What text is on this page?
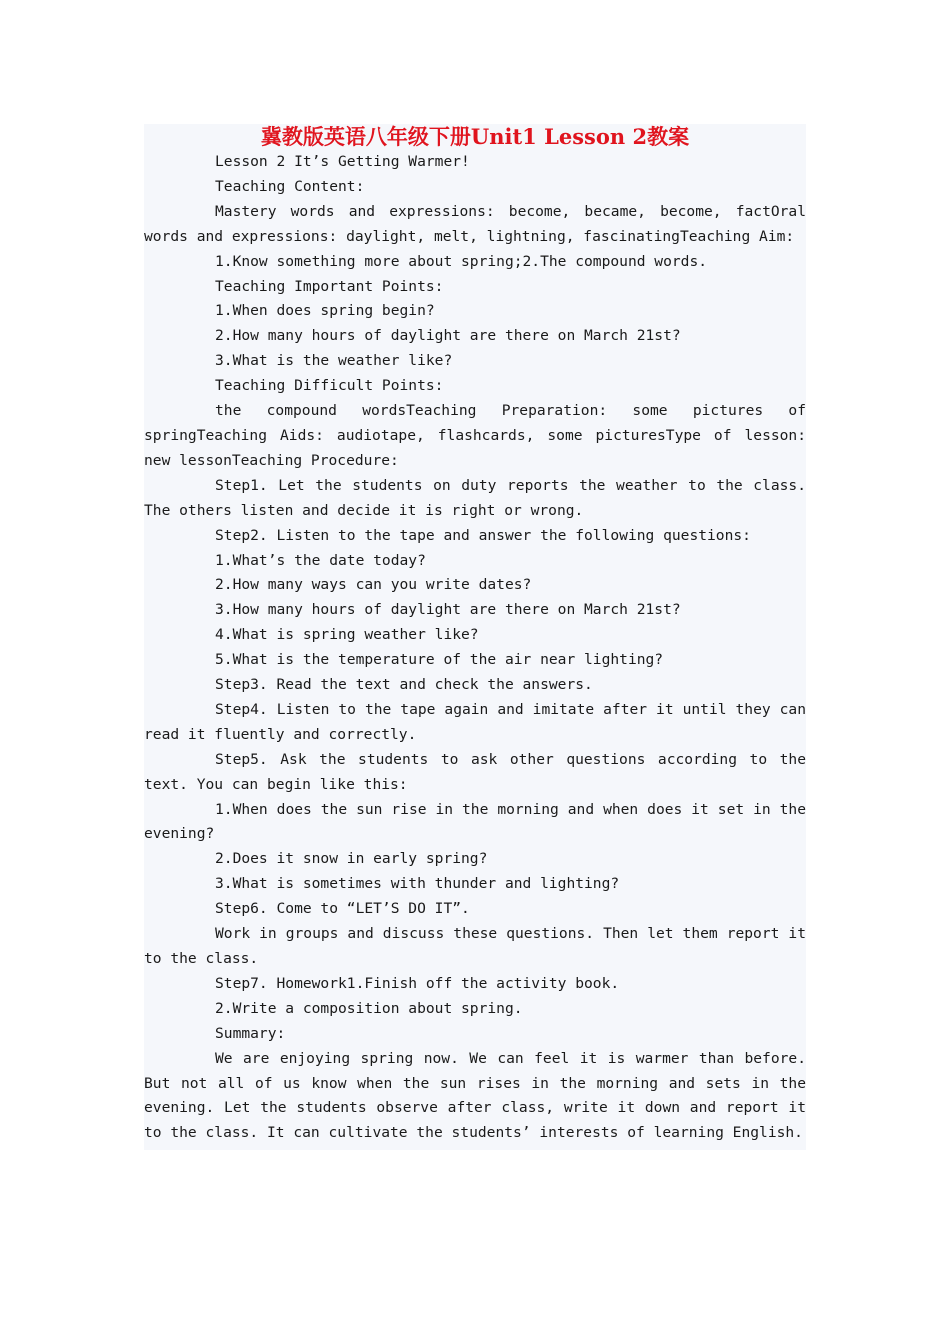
冀教版英语八年级下册Unit1 Lesson 2教案

Lesson 2 It’s Getting Warmer!

Teaching Content:

Mastery words and expressions: become, became, become, factOral words and expressions: daylight, melt, lightning, fascinatingTeaching Aim:

1.Know something more about spring;2.The compound words.

Teaching Important Points:

1.When does spring begin?

2.How many hours of daylight are there on March 21st?

3.What is the weather like?

Teaching Difficult Points:

the compound wordsTeaching Preparation: some pictures of springTeaching Aids: audiotape, flashcards, some picturesType of lesson: new lessonTeaching Procedure:

Step1. Let the students on duty reports the weather to the class. The others listen and decide it is right or wrong.

Step2. Listen to the tape and answer the following questions:

1.What’s the date today?

2.How many ways can you write dates?

3.How many hours of daylight are there on March 21st?

4.What is spring weather like?

5.What is the temperature of the air near lighting?

Step3. Read the text and check the answers.

Step4. Listen to the tape again and imitate after it until they can read it fluently and correctly.

Step5. Ask the students to ask other questions according to the text. You can begin like this:

1.When does the sun rise in the morning and when does it set in the evening?

2.Does it snow in early spring?

3.What is sometimes with thunder and lighting?

Step6. Come to “LET’S DO IT”.

Work in groups and discuss these questions. Then let them report it to the class.

Step7. Homework1.Finish off the activity book.

2.Write a composition about spring.

Summary:

We are enjoying spring now. We can feel it is warmer than before. But not all of us know when the sun rises in the morning and sets in the evening. Let the students observe after class, write it down and report it to the class. It can cultivate the students’ interests of learning English.
